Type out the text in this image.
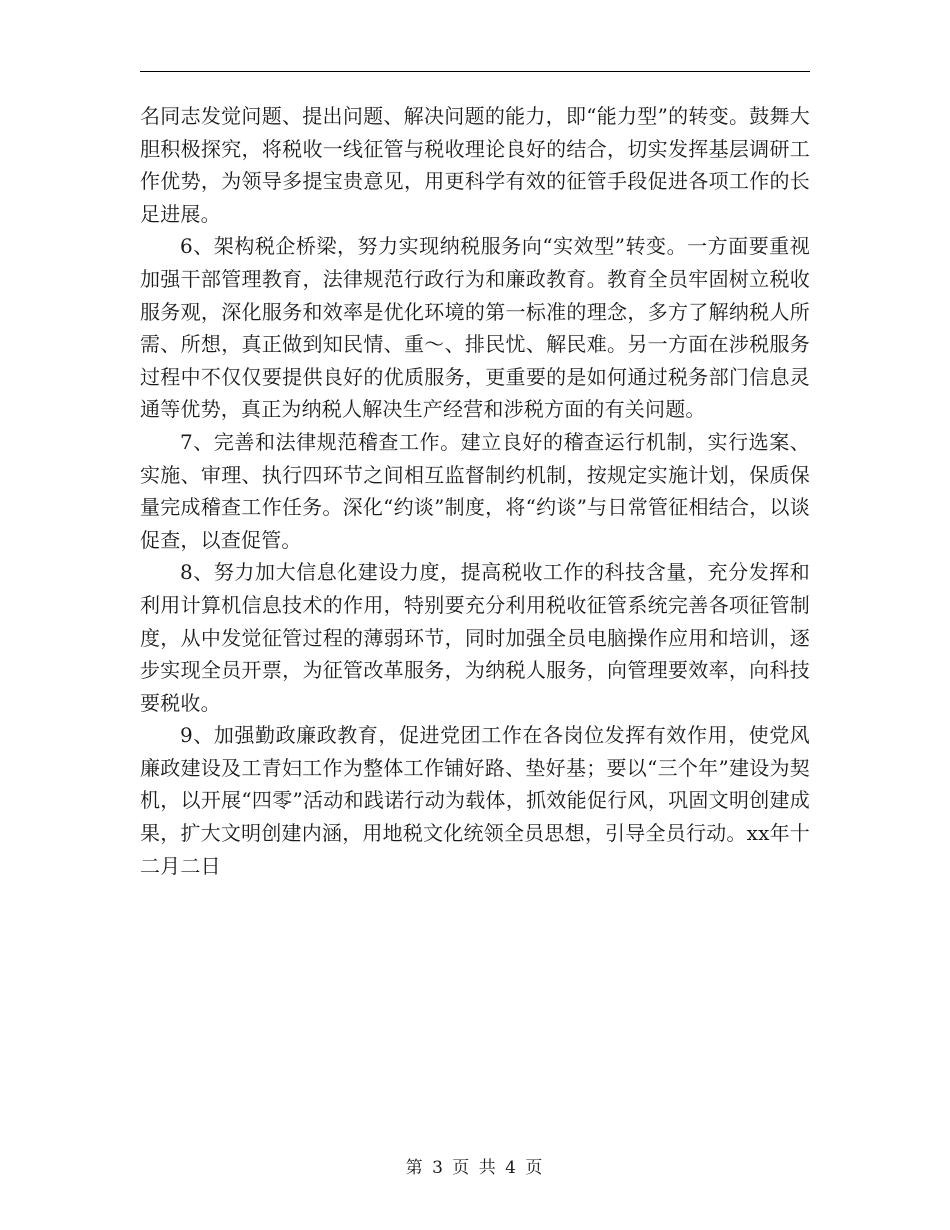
名同志发觉问题、提出问题、解决问题的能力，即“能力型”的转变。鼓舞大胆积极探究，将税收一线征管与税收理论良好的结合，切实发挥基层调研工作优势，为领导多提宝贵意见，用更科学有效的征管手段促进各项工作的长足进展。

6、架构税企桥梁，努力实现纳税服务向“实效型”转变。一方面要重视加强干部管理教育，法律规范行政行为和廉政教育。教育全员牢固树立税收服务观，深化服务和效率是优化环境的第一标准的理念，多方了解纳税人所需、所想，真正做到知民情、重～、排民忧、解民难。另一方面在涉税服务过程中不仅仅要提供良好的优质服务，更重要的是如何通过税务部门信息灵通等优势，真正为纳税人解决生产经营和涉税方面的有关问题。

7、完善和法律规范稽查工作。建立良好的稽查运行机制，实行选案、实施、审理、执行四环节之间相互监督制约机制，按规定实施计划，保质保量完成稽查工作任务。深化“约谈”制度，将“约谈”与日常管征相结合，以谈促查，以查促管。

8、努力加大信息化建设力度，提高税收工作的科技含量，充分发挥和利用计算机信息技术的作用，特别要充分利用税收征管系统完善各项征管制度，从中发觉征管过程的薄弱环节，同时加强全员电脑操作应用和培训，逐步实现全员开票，为征管改革服务，为纳税人服务，向管理要效率，向科技要税收。

9、加强勤政廉政教育，促进党团工作在各岗位发挥有效作用，使党风廉政建设及工青妇工作为整体工作铺好路、垫好基；要以“三个年”建设为契机，以开展“四零”活动和践诺行动为载体，抓效能促行风，巩固文明创建成果，扩大文明创建内涵，用地税文化统领全员思想，引导全员行动。xx年十二月二日

第 3 页 共 4 页
